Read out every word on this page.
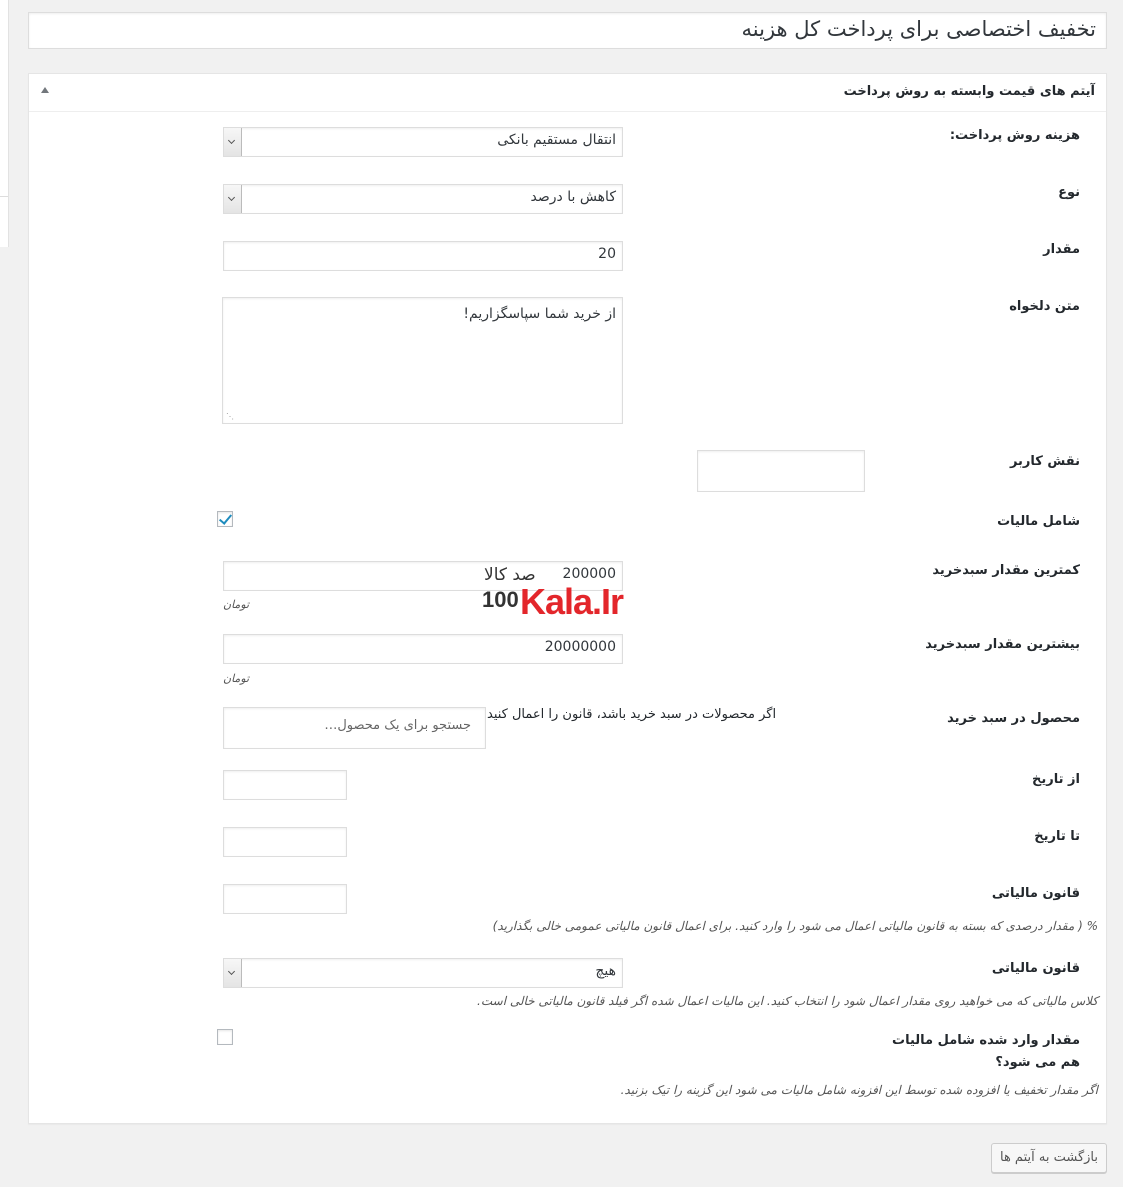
تخفیف اختصاصی برای پرداخت کل هزینه
آیتم های قیمت وابسته به روش پرداخت
هزینه روش پرداخت:
انتقال مستقیم بانکی
نوع
کاهش با درصد
مقدار
20
متن دلخواه
از خرید شما سپاسگزاریم!
⋰
نقش کاربر
شامل مالیات
کمترین مقدار سبدخرید
200000
تومان
بیشترین مقدار سبدخرید
20000000
تومان
محصول در سبد خرید
جستجو برای یک محصول…
اگر محصولات در سبد خرید باشد، قانون را اعمال کنید
از تاریخ
تا تاریخ
قانون مالیاتی
% ( مقدار درصدی که بسته به قانون مالیاتی اعمال می شود را وارد کنید. برای اعمال قانون مالیاتی عمومی خالی بگذارید)
قانون مالیاتی
هیچ
کلاس مالیاتی که می خواهید روی مقدار اعمال شود را انتخاب کنید. این مالیات اعمال شده اگر فیلد قانون مالیاتی خالی است.
مقدار وارد شده شامل مالیات
هم می شود؟
اگر مقدار تخفیف یا افزوده شده توسط این افزونه شامل مالیات می شود این گزینه را تیک بزنید.
صد کالا
100 Kala.Ir
بازگشت به آیتم ها
